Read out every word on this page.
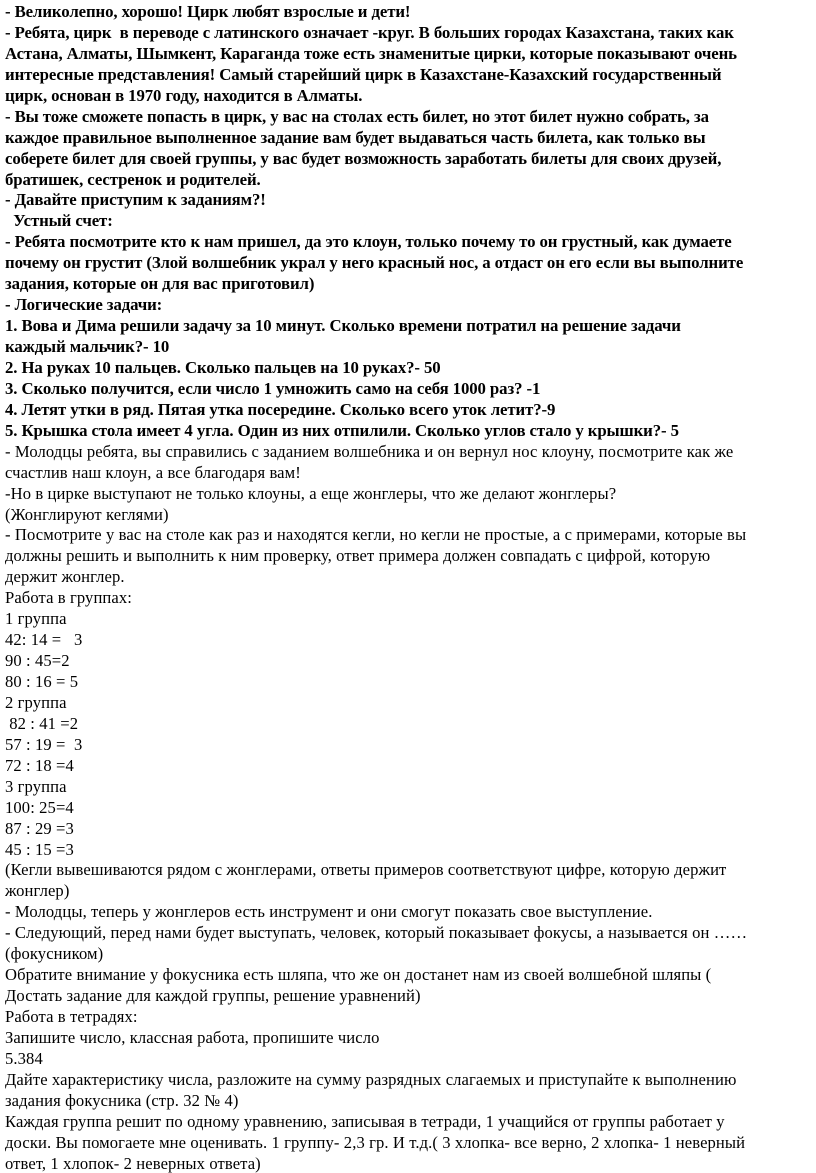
- Великолепно, хорошо! Цирк любят взрослые и дети!
- Ребята, цирк  в переводе с латинского означает -круг. В больших городах Казахстана, таких как
Астана, Алматы, Шымкент, Караганда тоже есть знаменитые цирки, которые показывают очень
интересные представления! Самый старейший цирк в Казахстане-Казахский государственный
цирк, основан в 1970 году, находится в Алматы.
- Вы тоже сможете попасть в цирк, у вас на столах есть билет, но этот билет нужно собрать, за
каждое правильное выполненное задание вам будет выдаваться часть билета, как только вы
соберете билет для своей группы, у вас будет возможность заработать билеты для своих друзей,
братишек, сестренок и родителей.
- Давайте приступим к заданиям?!
Устный счет:
- Ребята посмотрите кто к нам пришел, да это клоун, только почему то он грустный, как думаете
почему он грустит (Злой волшебник украл у него красный нос, а отдаст он его если вы выполните
задания, которые он для вас приготовил)
- Логические задачи:
1. Вова и Дима решили задачу за 10 минут. Сколько времени потратил на решение задачи
каждый мальчик?- 10
2. На руках 10 пальцев. Сколько пальцев на 10 руках?- 50
3. Сколько получится, если число 1 умножить само на себя 1000 раз? -1
4. Летят утки в ряд. Пятая утка посередине. Сколько всего уток летит?-9
5. Крышка стола имеет 4 угла. Один из них отпилили. Сколько углов стало у крышки?- 5
- Молодцы ребята, вы справились с заданием волшебника и он вернул нос клоуну, посмотрите как же
счастлив наш клоун, а все благодаря вам!
-Но в цирке выступают не только клоуны, а еще жонглеры, что же делают жонглеры?
(Жонглируют кеглями)
- Посмотрите у вас на столе как раз и находятся кегли, но кегли не простые, а с примерами, которые вы
должны решить и выполнить к ним проверку, ответ примера должен совпадать с цифрой, которую
держит жонглер.
Работа в группах:
1 группа
42: 14 =   3
90 : 45=2
80 : 16 = 5
2 группа
82 : 41 =2
57 : 19 =  3
72 : 18 =4
3 группа
100: 25=4
87 : 29 =3
45 : 15 =3
(Кегли вывешиваются рядом с жонглерами, ответы примеров соответствуют цифре, которую держит
жонглер)
- Молодцы, теперь у жонглеров есть инструмент и они смогут показать свое выступление.
- Следующий, перед нами будет выступать, человек, который показывает фокусы, а называется он ……
(фокусником)
Обратите внимание у фокусника есть шляпа, что же он достанет нам из своей волшебной шляпы (
Достать задание для каждой группы, решение уравнений)
Работа в тетрадях:
Запишите число, классная работа, пропишите число
5.384
Дайте характеристику числа, разложите на сумму разрядных слагаемых и приступайте к выполнению
задания фокусника (стр. 32 № 4)
Каждая группа решит по одному уравнению, записывая в тетради, 1 учащийся от группы работает у
доски. Вы помогаете мне оценивать. 1 группу- 2,3 гр. И т.д.( 3 хлопка- все верно, 2 хлопка- 1 неверный
ответ, 1 хлопок- 2 неверных ответа)
